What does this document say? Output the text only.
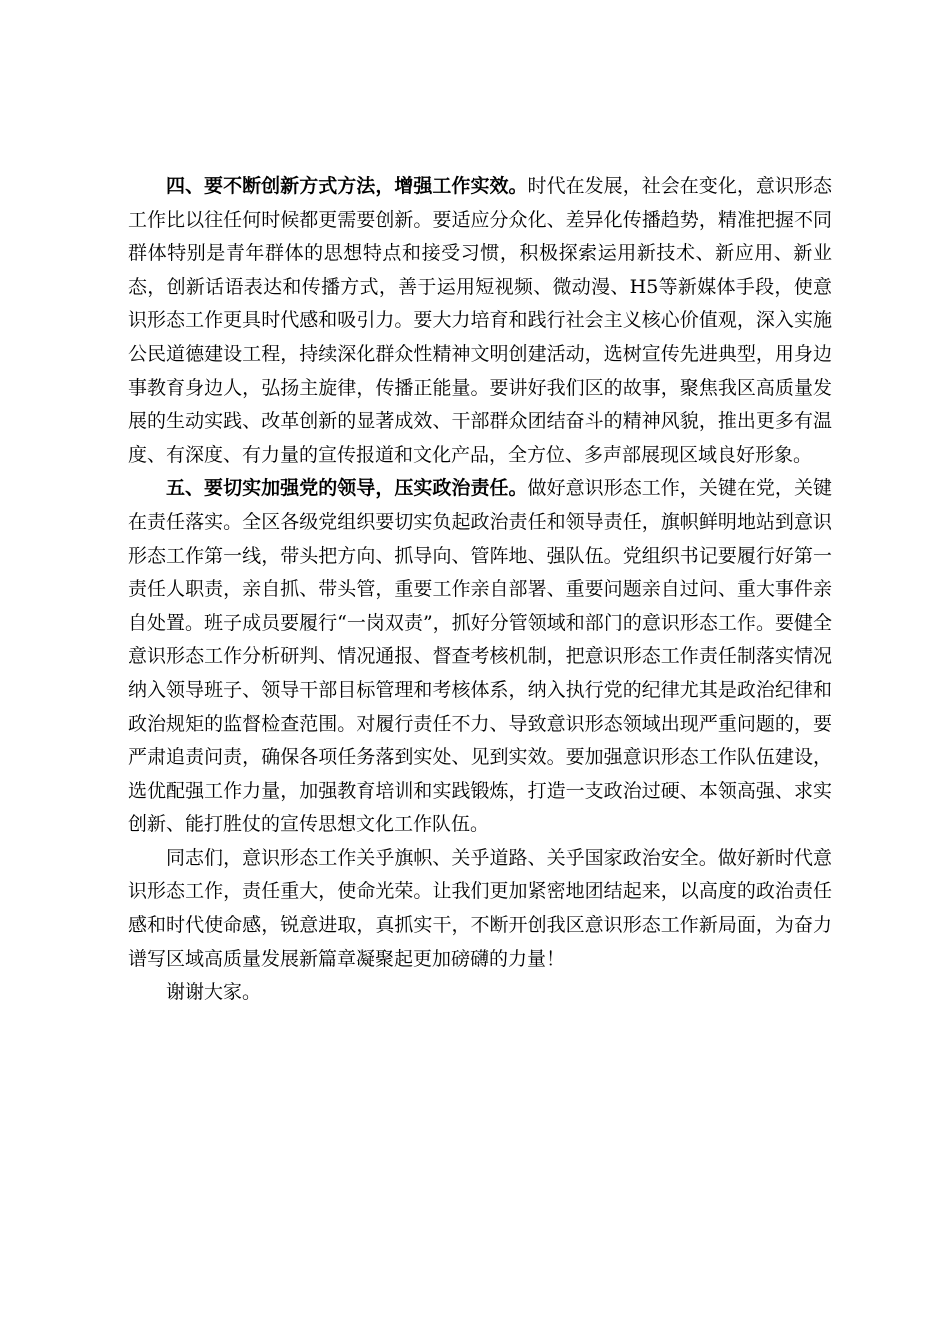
四、要不断创新方式方法，增强工作实效。时代在发展，社会在变化，意识形态工作比以往任何时候都更需要创新。要适应分众化、差异化传播趋势，精准把握不同群体特别是青年群体的思想特点和接受习惯，积极探索运用新技术、新应用、新业态，创新话语表达和传播方式，善于运用短视频、微动漫、H5等新媒体手段，使意识形态工作更具时代感和吸引力。要大力培育和践行社会主义核心价值观，深入实施公民道德建设工程，持续深化群众性精神文明创建活动，选树宣传先进典型，用身边事教育身边人，弘扬主旋律，传播正能量。要讲好我们区的故事，聚焦我区高质量发展的生动实践、改革创新的显著成效、干部群众团结奋斗的精神风貌，推出更多有温度、有深度、有力量的宣传报道和文化产品，全方位、多声部展现区域良好形象。

五、要切实加强党的领导，压实政治责任。做好意识形态工作，关键在党，关键在责任落实。全区各级党组织要切实负起政治责任和领导责任，旗帜鲜明地站到意识形态工作第一线，带头把方向、抓导向、管阵地、强队伍。党组织书记要履行好第一责任人职责，亲自抓、带头管，重要工作亲自部署、重要问题亲自过问、重大事件亲自处置。班子成员要履行“一岗双责”，抓好分管领域和部门的意识形态工作。要健全意识形态工作分析研判、情况通报、督查考核机制，把意识形态工作责任制落实情况纳入领导班子、领导干部目标管理和考核体系，纳入执行党的纪律尤其是政治纪律和政治规矩的监督检查范围。对履行责任不力、导致意识形态领域出现严重问题的，要严肃追责问责，确保各项任务落到实处、见到实效。要加强意识形态工作队伍建设，选优配强工作力量，加强教育培训和实践锻炼，打造一支政治过硬、本领高强、求实创新、能打胜仗的宣传思想文化工作队伍。

同志们，意识形态工作关乎旗帜、关乎道路、关乎国家政治安全。做好新时代意识形态工作，责任重大，使命光荣。让我们更加紧密地团结起来，以高度的政治责任感和时代使命感，锐意进取，真抓实干，不断开创我区意识形态工作新局面，为奋力谱写区域高质量发展新篇章凝聚起更加磅礴的力量！

谢谢大家。
